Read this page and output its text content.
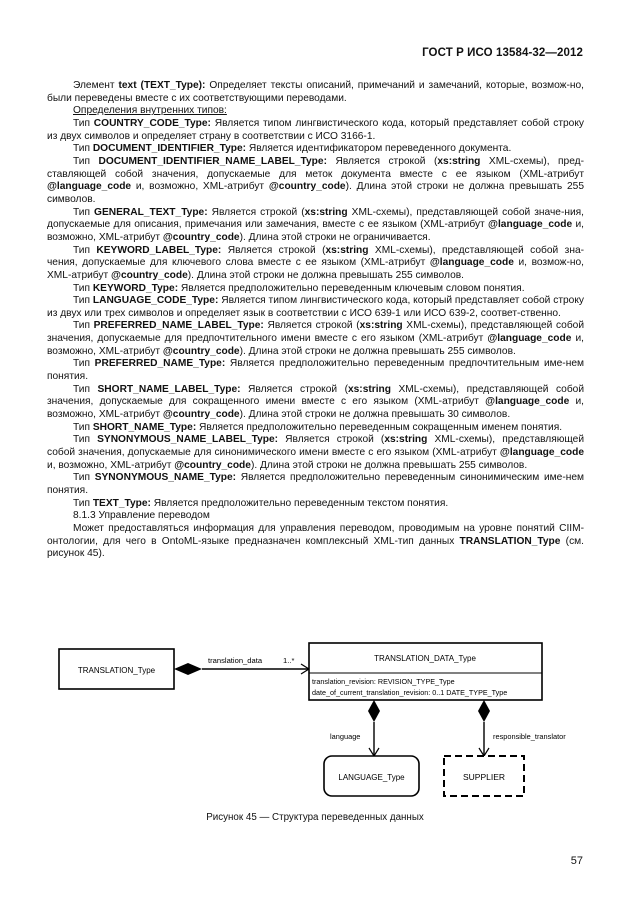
ГОСТ Р ИСО 13584-32—2012

Элемент text (TEXT_Type): Определяет тексты описаний, примечаний и замечаний, которые, возмож-но, были переведены вместе с их соответствующими переводами.

Определения внутренних типов:

Тип COUNTRY_CODE_Type: Является типом лингвистического кода, который представляет собой строку из двух символов и определяет страну в соответствии с ИСО 3166-1.

Тип DOCUMENT_IDENTIFIER_Type: Является идентификатором переведенного документа.

Тип DOCUMENT_IDENTIFIER_NAME_LABEL_Type: Является строкой (xs:string XML-схемы), пред-ставляющей собой значения, допускаемые для меток документа вместе с ее языком (XML-атрибут @language_code и, возможно, XML-атрибут @country_code). Длина этой строки не должна превышать 255 символов.

Тип GENERAL_TEXT_Type: Является строкой (xs:string XML-схемы), представляющей собой значе-ния, допускаемые для описания, примечания или замечания, вместе с ее языком (XML-атрибут @language_code и, возможно, XML-атрибут @country_code). Длина этой строки не ограничивается.

Тип KEYWORD_LABEL_Type: Является строкой (xs:string XML-схемы), представляющей собой зна-чения, допускаемые для ключевого слова вместе с ее языком (XML-атрибут @language_code и, возмож-но, XML-атрибут @country_code). Длина этой строки не должна превышать 255 символов.

Тип KEYWORD_Type: Является предположительно переведенным ключевым словом понятия.

Тип LANGUAGE_CODE_Type: Является типом лингвистического кода, который представляет собой строку из двух или трех символов и определяет язык в соответствии с ИСО 639-1 или ИСО 639-2, соответ-ственно.

Тип PREFERRED_NAME_LABEL_Type: Является строкой (xs:string XML-схемы), представляющей собой значения, допускаемые для предпочтительного имени вместе с его языком (XML-атрибут @language_code и, возможно, XML-атрибут @country_code). Длина этой строки не должна превышать 255 символов.

Тип PREFERRED_NAME_Type: Является предположительно переведенным предпочтительным име-нем понятия.

Тип SHORT_NAME_LABEL_Type: Является строкой (xs:string XML-схемы), представляющей собой значения, допускаемые для сокращенного имени вместе с его языком (XML-атрибут @language_code и, возможно, XML-атрибут @country_code). Длина этой строки не должна превышать 30 символов.

Тип SHORT_NAME_Type: Является предположительно переведенным сокращенным именем понятия.

Тип SYNONYMOUS_NAME_LABEL_Type: Является строкой (xs:string XML-схемы), представляющей собой значения, допускаемые для синонимического имени вместе с его языком (XML-атрибут @language_code и, возможно, XML-атрибут @country_code). Длина этой строки не должна превышать 255 символов.

Тип SYNONYMOUS_NAME_Type: Является предположительно переведенным синонимическим име-нем понятия.

Тип TEXT_Type: Является предположительно переведенным текстом понятия.

8.1.3 Управление переводом

Может предоставляться информация для управления переводом, проводимым на уровне понятий CIIM-онтологии, для чего в OntoML-языке предназначен комплексный XML-тип данных TRANSLATION_Type (см. рисунок 45).

TRANSLATION_Type
translation_data	1..*	TRANSLATION_DATA_Type
translation_revision: REVISION_TYPE_Type
date_of_current_translation_revision: 0..1 DATE_TYPE_Type
language	responsible_translator
LANGUAGE_Type	SUPPLIER
Рисунок 45 — Структура переведенных данных
57
